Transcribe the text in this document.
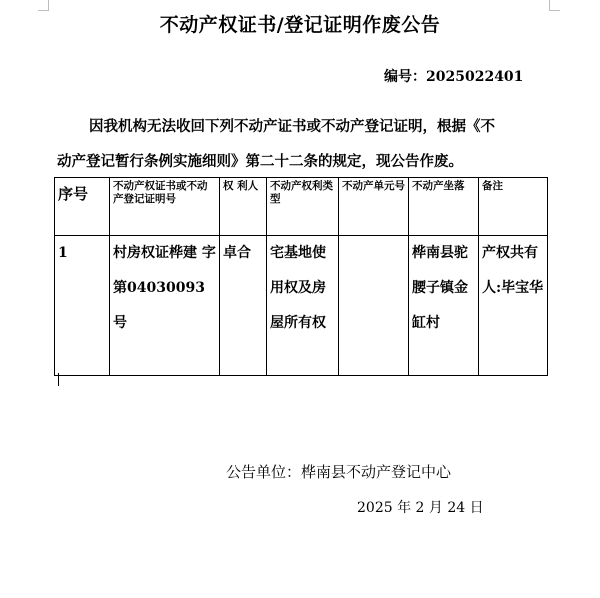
不动产权证书/登记证明作废公告
编号：2025022401
因我机构无法收回下列不动产证书或不动产登记证明，根据《不
动产登记暂行条例实施细则》第二十二条的规定，现公告作废。
序号	不动产权证书或不动产登记证明号	权 利人	不动产权利类型	不动产单元号	不动产坐落	备注
1	村房权证桦建 字 第04030093号	卓合	宅基地使用权及房屋所有权		桦南县驼腰子镇金缸村	产权共有人:毕宝华
公告单位：桦南县不动产登记中心
2025 年 2 月 24 日
